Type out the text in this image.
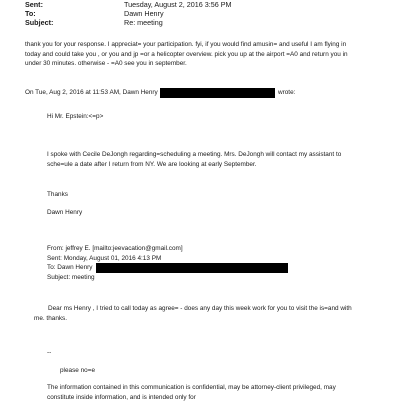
Sent:	Tuesday, August 2, 2016 3:56 PM
To:	Dawn Henry
Subject:	Re: meeting
thank you for your response. I appreciat= your participation. fyi, if you would find amusin= and useful I am flying in
today and could take you , or you and jp =or a helicopter overview. pick you up at the airport =A0 and return you in
under 30 minutes. otherwise - =A0 see you in september.
On Tue, Aug 2, 2016 at 11:53 AM, Dawn Henry	wrote:
Hi Mr. Epstein:<=p>
I spoke with Cecile DeJongh regarding=scheduling a meeting. Mrs. DeJongh will contact my assistant to
sche=ule a date after I return from NY. We are looking at early September.
Thanks
Dawn Henry
From: jeffrey E. [mailto:jeevacation@gmail.com]
Sent: Monday, August 01, 2016 4:13 PM
To: Dawn Henry
Subject: meeting
Dear ms Henry , I tried to call today as agree= - does any day this week work for you to visit the is=and with
me. thanks.
--
please no=e
The information contained in this communication is confidential, may be attorney-client privileged, may
constitute inside information, and is intended only for
